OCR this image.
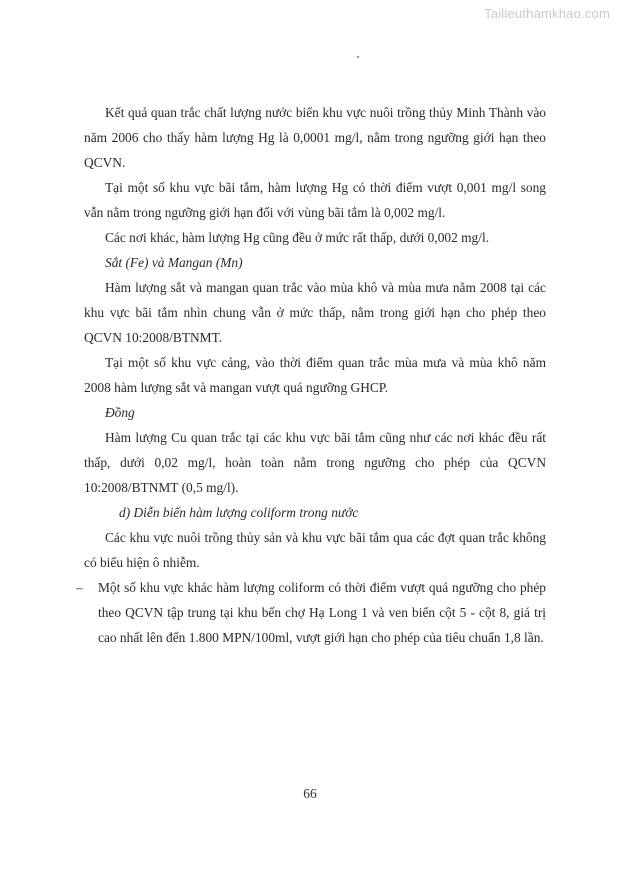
Tailieuthamkhao.com

Kết quả quan trắc chất lượng nước biển khu vực nuôi trồng thủy Minh Thành vào năm 2006 cho thấy hàm lượng Hg là 0,0001 mg/l, nằm trong ngưỡng giới hạn theo QCVN.

Tại một số khu vực bãi tắm, hàm lượng Hg có thời điểm vượt 0,001 mg/l song vẫn nằm trong ngưỡng giới hạn đối với vùng bãi tắm là 0,002 mg/l.

Các nơi khác, hàm lượng Hg cũng đều ở mức rất thấp, dưới 0,002 mg/l.

Sắt (Fe) và Mangan (Mn)

Hàm lượng sắt và mangan quan trắc vào mùa khô và mùa mưa năm 2008 tại các khu vực bãi tắm nhìn chung vẫn ở mức thấp, nằm trong giới hạn cho phép theo QCVN 10:2008/BTNMT.

Tại một số khu vực cảng, vào thời điểm quan trắc mùa mưa và mùa khô năm 2008 hàm lượng sắt và mangan vượt quá ngưỡng GHCP.

Đồng

Hàm lượng Cu quan trắc tại các khu vực bãi tắm cũng như các nơi khác đều rất thấp, dưới 0,02 mg/l, hoàn toàn nằm trong ngưỡng cho phép của QCVN 10:2008/BTNMT (0,5 mg/l).

d) Diễn biến hàm lượng coliform trong nước

Các khu vực nuôi trồng thủy sản và khu vực bãi tắm qua các đợt quan trắc không có biểu hiện ô nhiễm.

–	Một số khu vực khác hàm lượng coliform có thời điểm vượt quá ngưỡng cho phép theo QCVN tập trung tại khu bến chợ Hạ Long 1 và ven biển cột 5 - cột 8, giá trị cao nhất lên đến 1.800 MPN/100ml, vượt giới hạn cho phép của tiêu chuẩn 1,8 lần.

66
